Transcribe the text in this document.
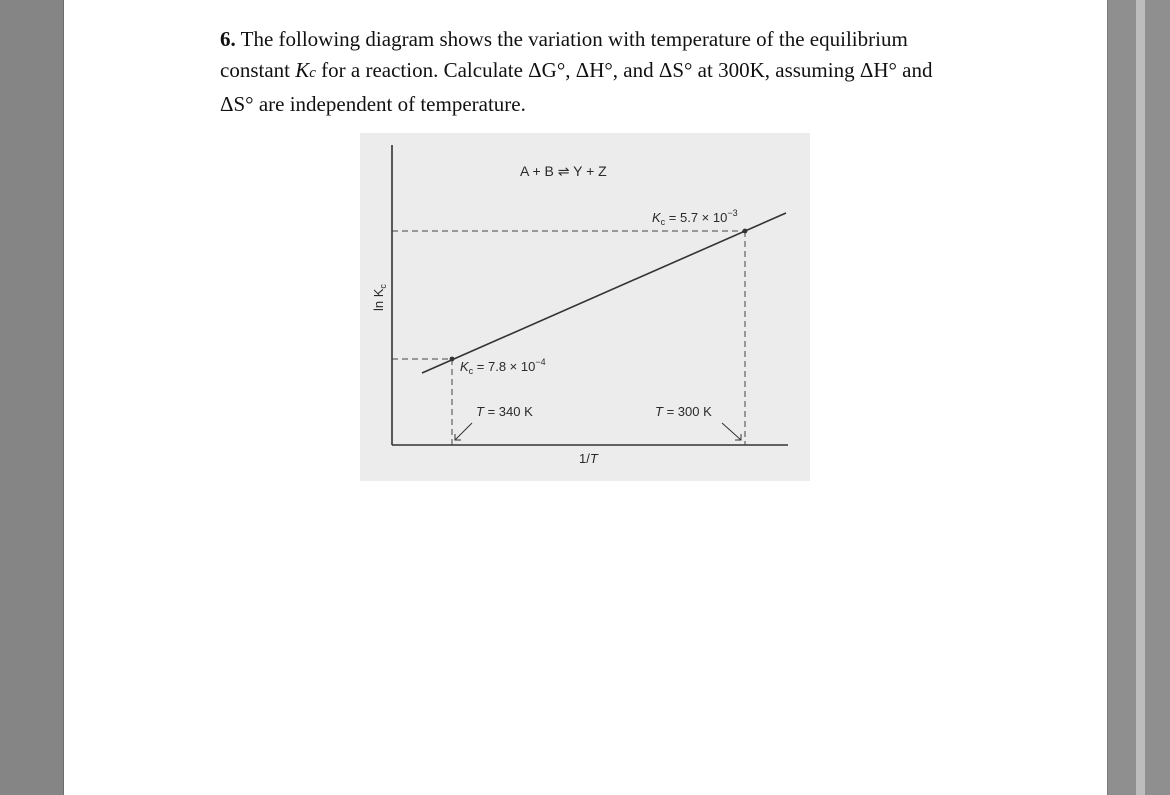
6. The following diagram shows the variation with temperature of the equilibrium
constant Kc for a reaction. Calculate ΔG°, ΔH°, and ΔS° at 300K, assuming ΔH° and
ΔS° are independent of temperature.
A + B ⇌ Y + Z
$K_c = 5.7 \times 10^{-3}$
$K_c = 7.8 \times 10^{-4}$
T = 340 K	T = 300 K
1/T
$\ln K_c$
